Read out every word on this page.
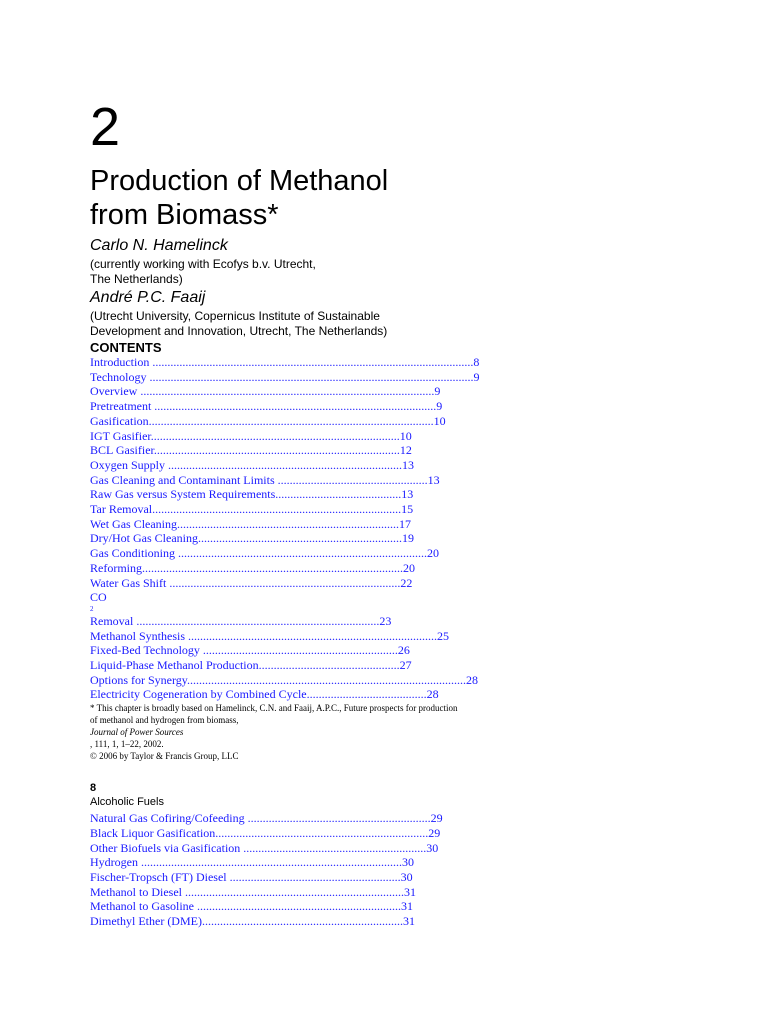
2
Production of Methanol
from Biomass*
Carlo N. Hamelinck
(currently working with Ecofys b.v. Utrecht,
The Netherlands)
André P.C. Faaij
(Utrecht University, Copernicus Institute of Sustainable
Development and Innovation, Utrecht, The Netherlands)
CONTENTS
Introduction ...........................................................................................................8
Technology ............................................................................................................9
Overview ..................................................................................................9
Pretreatment ..............................................................................................9
Gasification...............................................................................................10
IGT Gasifier...................................................................................10
BCL Gasifier..................................................................................12
Oxygen Supply ..............................................................................13
Gas Cleaning and Contaminant Limits ..................................................13
Raw Gas versus System Requirements..........................................13
Tar Removal...................................................................................15
Wet Gas Cleaning..........................................................................17
Dry/Hot Gas Cleaning....................................................................19
Gas Conditioning ...................................................................................20
Reforming.......................................................................................20
Water Gas Shift .............................................................................22
CO
2
Removal .................................................................................23
Methanol Synthesis ...................................................................................25
Fixed-Bed Technology .................................................................26
Liquid-Phase Methanol Production...............................................27
Options for Synergy.............................................................................................28
Electricity Cogeneration by Combined Cycle........................................28
* This chapter is broadly based on Hamelinck, C.N. and Faaij, A.P.C., Future prospects for production
of methanol and hydrogen from biomass,
Journal of Power Sources
, 111, 1, 1–22, 2002.
© 2006 by Taylor & Francis Group, LLC
8
Alcoholic Fuels
Natural Gas Cofiring/Cofeeding .............................................................29
Black Liquor Gasification.......................................................................29
Other Biofuels via Gasification .............................................................30
Hydrogen .......................................................................................30
Fischer-Tropsch (FT) Diesel .........................................................30
Methanol to Diesel .........................................................................31
Methanol to Gasoline ....................................................................31
Dimethyl Ether (DME)...................................................................31
